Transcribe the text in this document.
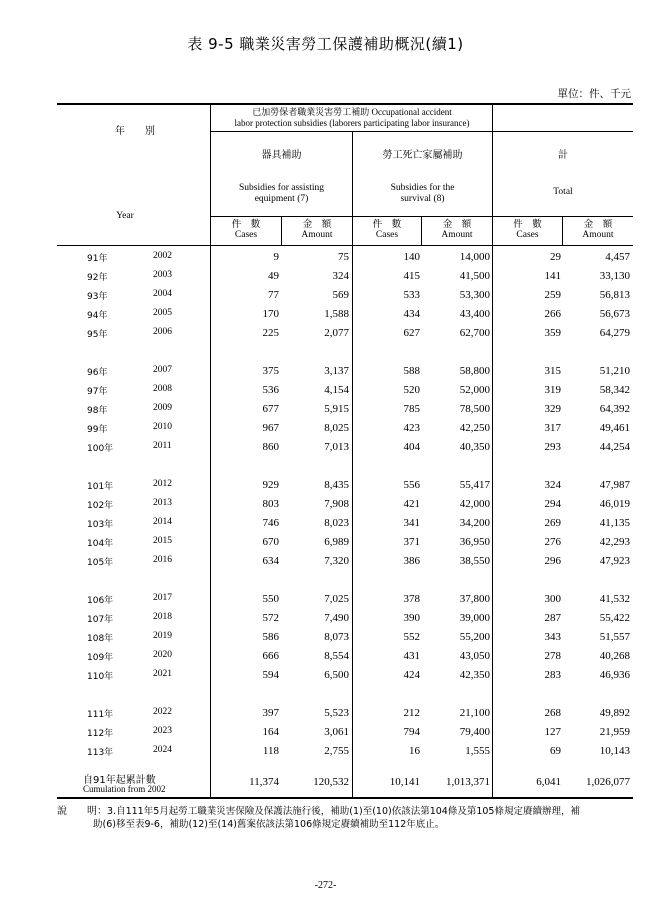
表 9-5 職業災害勞工保護補助概況(續1)
單位：件、千元
年　　別
Year
已加勞保者職業災害勞工補助 Occupational accident
labor protection subsidies (laborers participating labor insurance)
器具補助
Subsidies for assisting
equipment (7)
勞工死亡家屬補助
Subsidies for the
survival (8)
計
Total
件　數
Cases
金　額
Amount
件　數
Cases
金　額
Amount
件　數
Cases
金　額
Amount
91年	2002	9	75	140	14,000	29	4,457
92年	2003	49	324	415	41,500	141	33,130
93年	2004	77	569	533	53,300	259	56,813
94年	2005	170	1,588	434	43,400	266	56,673
95年	2006	225	2,077	627	62,700	359	64,279
96年	2007	375	3,137	588	58,800	315	51,210
97年	2008	536	4,154	520	52,000	319	58,342
98年	2009	677	5,915	785	78,500	329	64,392
99年	2010	967	8,025	423	42,250	317	49,461
100年	2011	860	7,013	404	40,350	293	44,254
101年	2012	929	8,435	556	55,417	324	47,987
102年	2013	803	7,908	421	42,000	294	46,019
103年	2014	746	8,023	341	34,200	269	41,135
104年	2015	670	6,989	371	36,950	276	42,293
105年	2016	634	7,320	386	38,550	296	47,923
106年	2017	550	7,025	378	37,800	300	41,532
107年	2018	572	7,490	390	39,000	287	55,422
108年	2019	586	8,073	552	55,200	343	51,557
109年	2020	666	8,554	431	43,050	278	40,268
110年	2021	594	6,500	424	42,350	283	46,936
111年	2022	397	5,523	212	21,100	268	49,892
112年	2023	164	3,061	794	79,400	127	21,959
113年	2024	118	2,755	16	1,555	69	10,143
自91年起累計數
Cumulation from 2002
11,374	120,532	10,141	1,013,371	6,041	1,026,077
說　　明：3.自111年5月起勞工職業災害保險及保護法施行後，補助(1)至(10)依該法第104條及第105條規定賡續辦理，補
助(6)移至表9-6，補助(12)至(14)舊案依該法第106條規定賡續補助至112年底止。
-272-
